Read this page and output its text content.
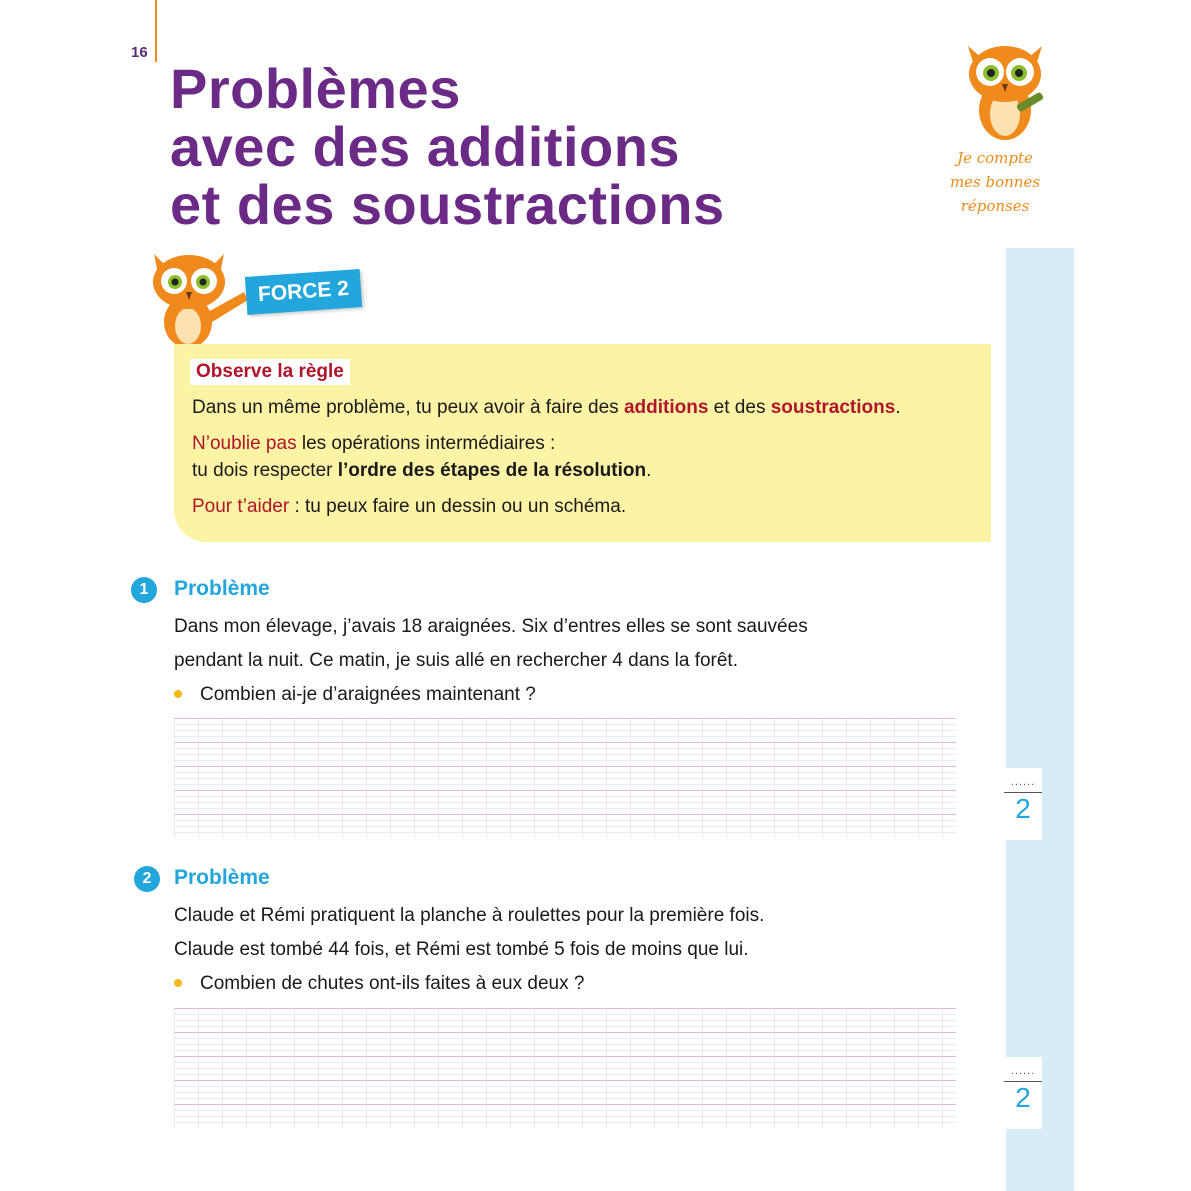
16
Problèmes
avec des additions
et des soustractions
Je compte
mes bonnes
réponses
FORCE 2
Observe la règle
Dans un même problème, tu peux avoir à faire des additions et des soustractions.
N’oublie pas les opérations intermédiaires :
tu dois respecter l’ordre des étapes de la résolution.
Pour t’aider : tu peux faire un dessin ou un schéma.
1	Problème
Dans mon élevage, j’avais 18 araignées. Six d’entres elles se sont sauvées
pendant la nuit. Ce matin, je suis allé en rechercher 4 dans la forêt.
Combien ai-je d’araignées maintenant ?
......
2
2	Problème
Claude et Rémi pratiquent la planche à roulettes pour la première fois.
Claude est tombé 44 fois, et Rémi est tombé 5 fois de moins que lui.
Combien de chutes ont-ils faites à eux deux ?
......
2
